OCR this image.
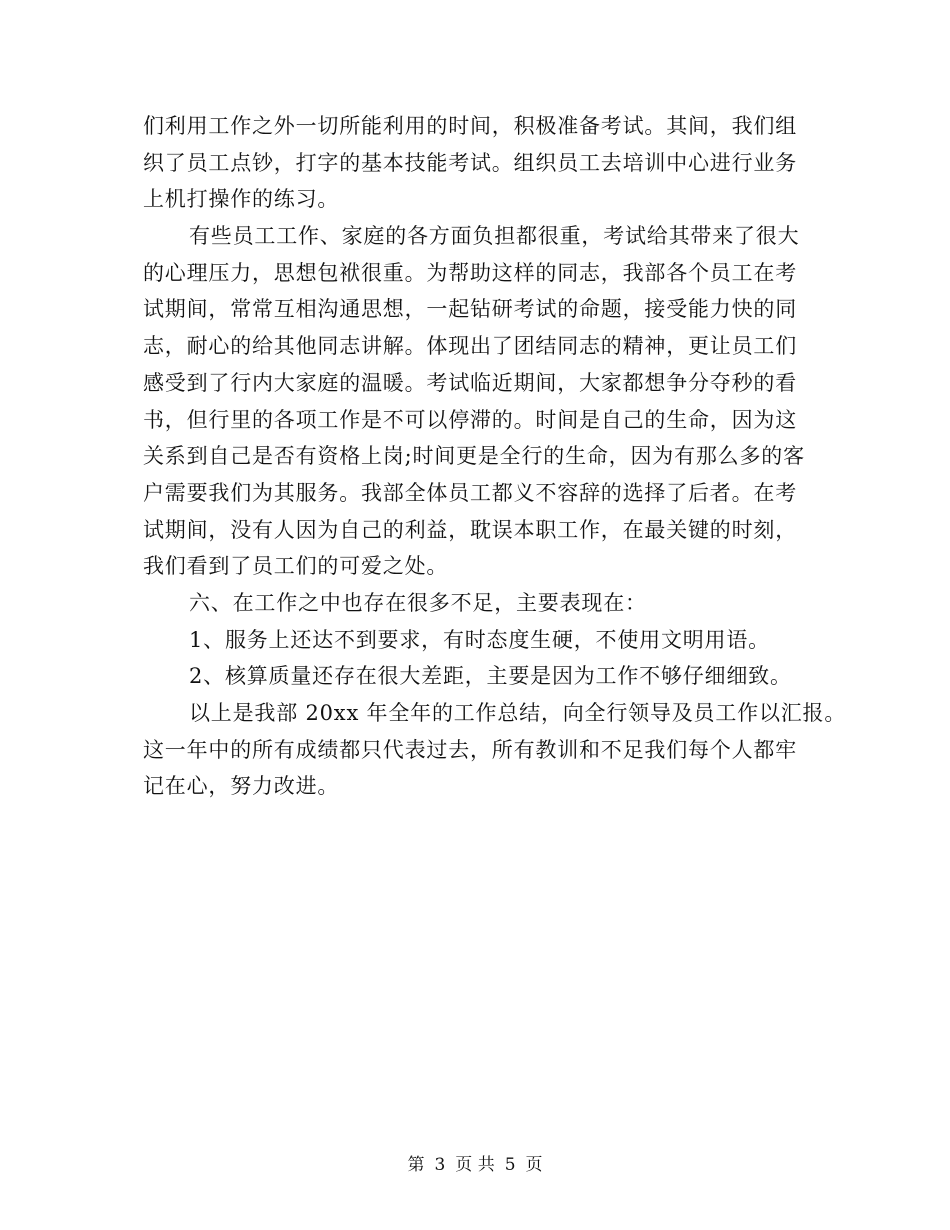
们利用工作之外一切所能利用的时间，积极准备考试。其间，我们组
织了员工点钞，打字的基本技能考试。组织员工去培训中心进行业务
上机打操作的练习。
有些员工工作、家庭的各方面负担都很重，考试给其带来了很大
的心理压力，思想包袱很重。为帮助这样的同志，我部各个员工在考
试期间，常常互相沟通思想，一起钻研考试的命题，接受能力快的同
志，耐心的给其他同志讲解。体现出了团结同志的精神，更让员工们
感受到了行内大家庭的温暖。考试临近期间，大家都想争分夺秒的看
书，但行里的各项工作是不可以停滞的。时间是自己的生命，因为这
关系到自己是否有资格上岗;时间更是全行的生命，因为有那么多的客
户需要我们为其服务。我部全体员工都义不容辞的选择了后者。在考
试期间，没有人因为自己的利益，耽误本职工作，在最关键的时刻，
我们看到了员工们的可爱之处。
六、在工作之中也存在很多不足，主要表现在：
1、服务上还达不到要求，有时态度生硬，不使用文明用语。
2、核算质量还存在很大差距，主要是因为工作不够仔细细致。
以上是我部 20xx 年全年的工作总结，向全行领导及员工作以汇报。
这一年中的所有成绩都只代表过去，所有教训和不足我们每个人都牢
记在心，努力改进。
第 3 页 共 5 页
